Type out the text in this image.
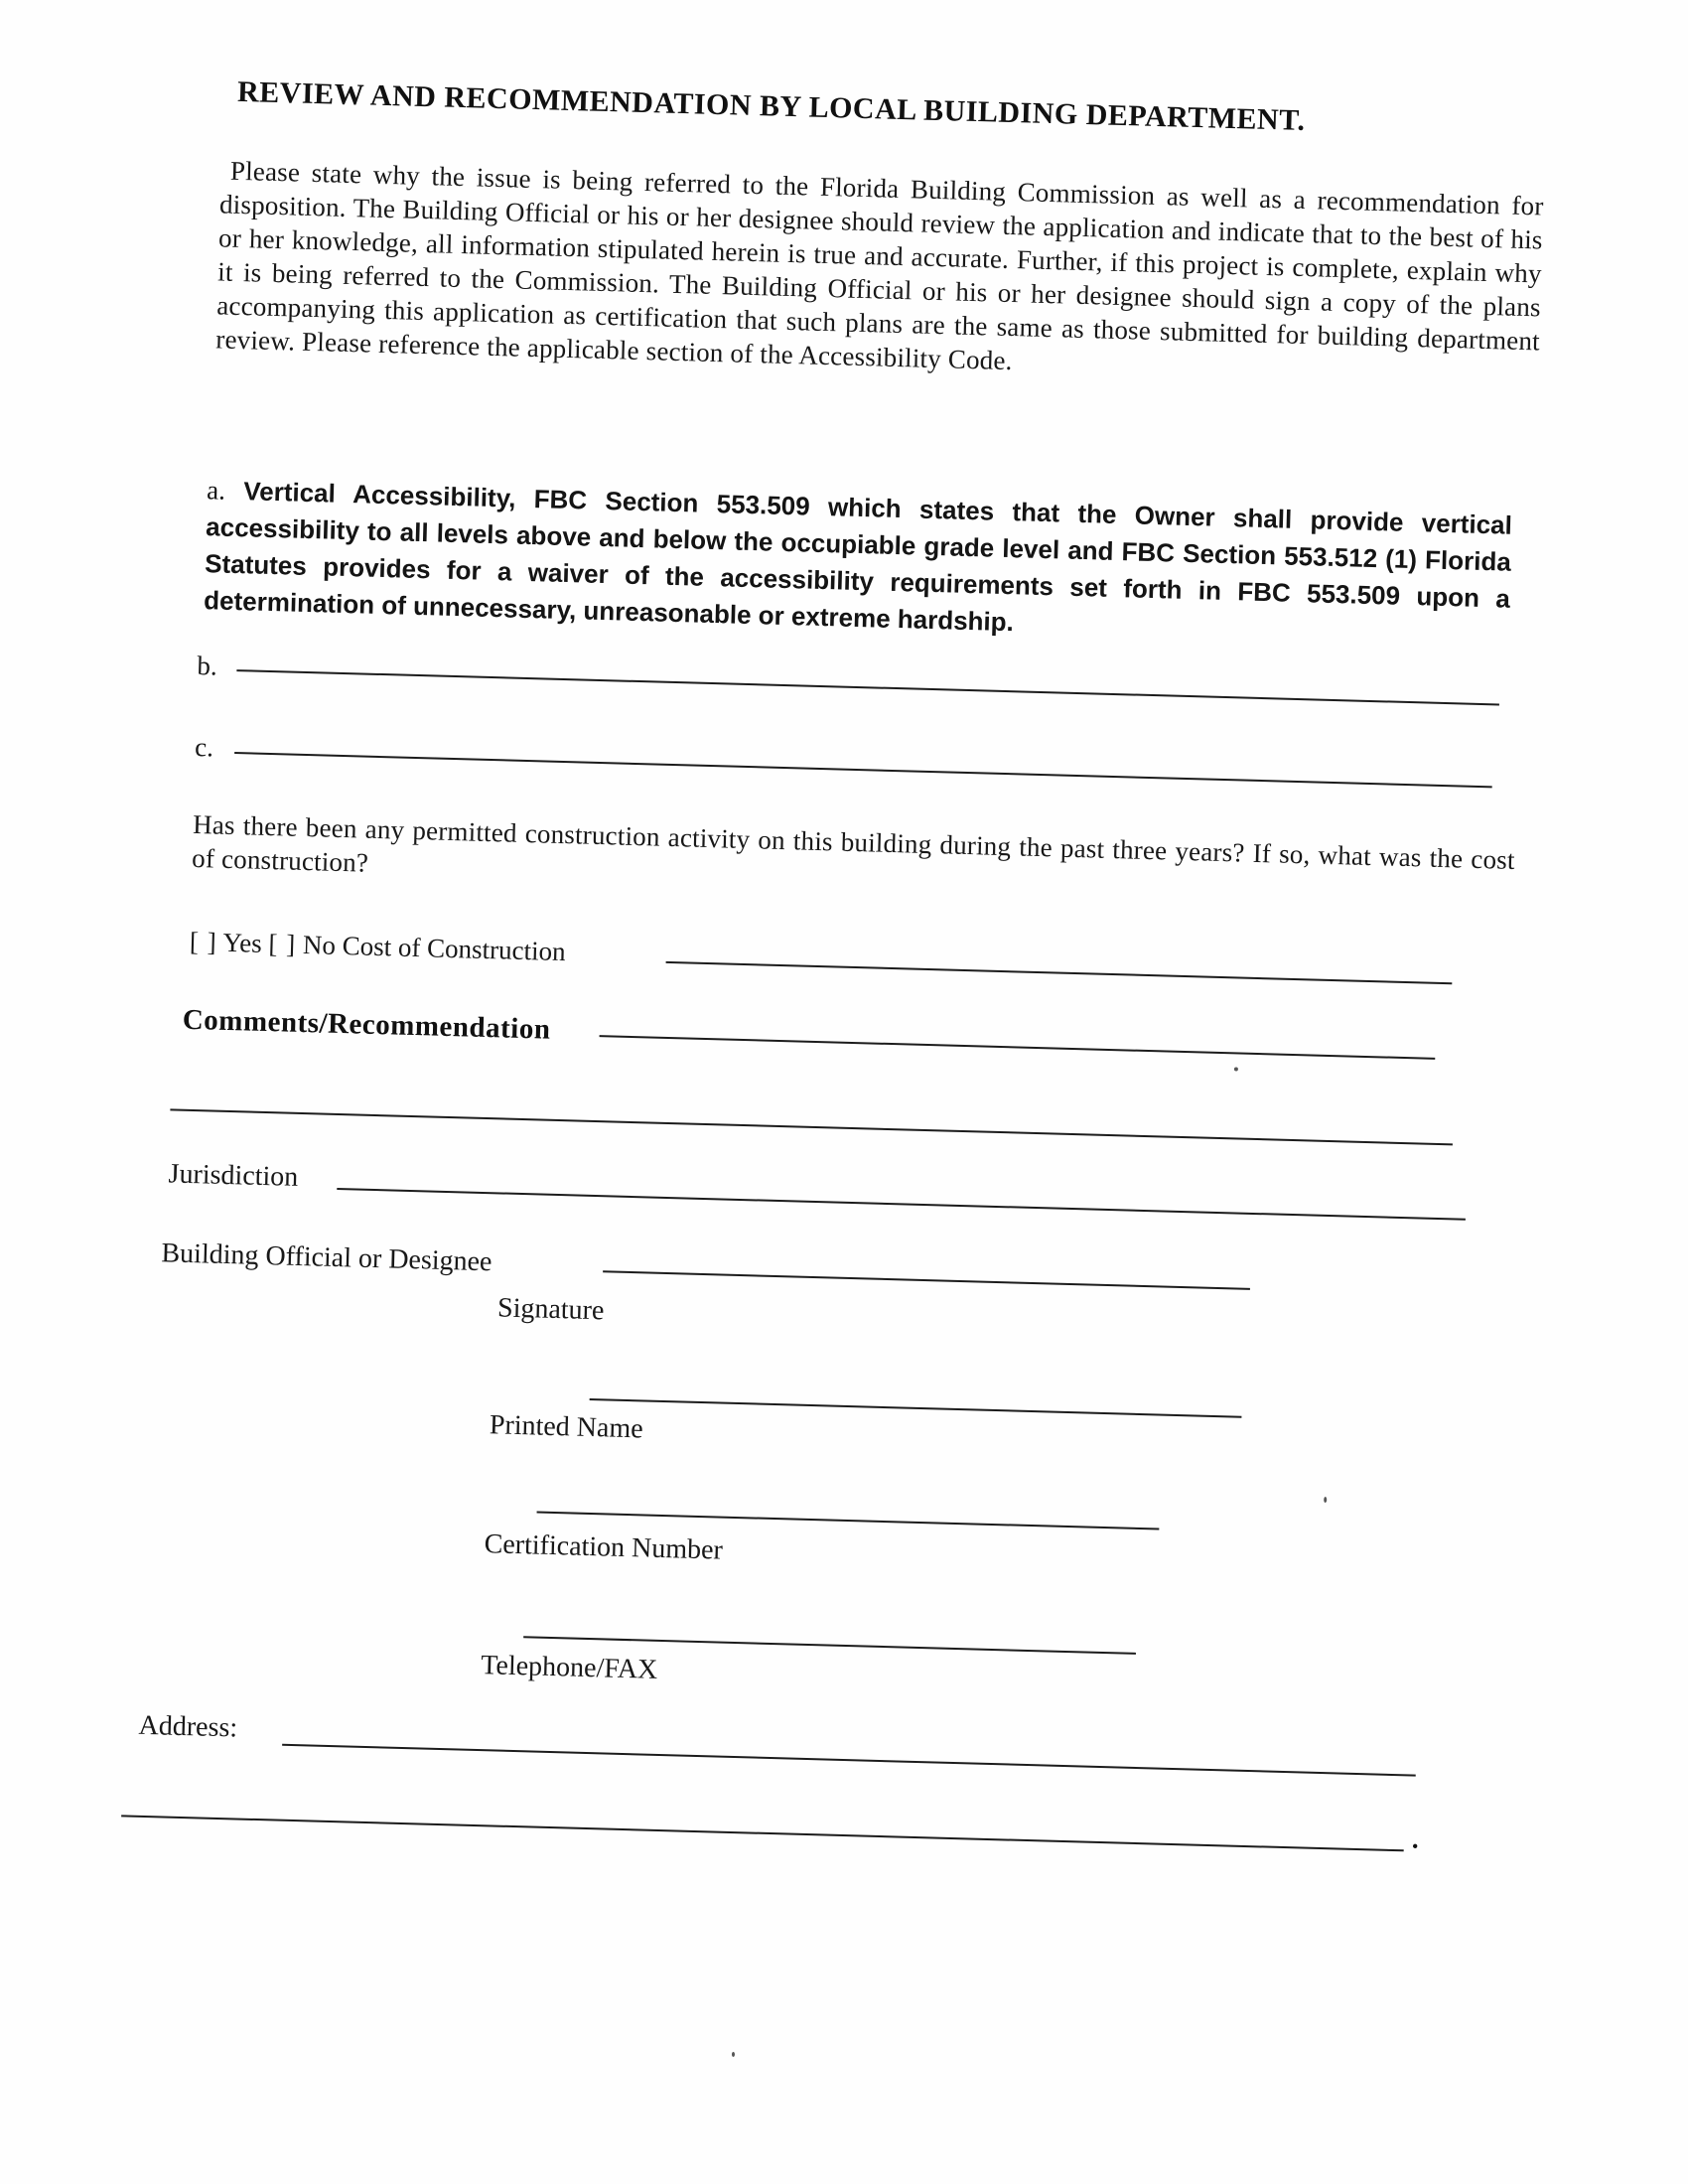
REVIEW AND RECOMMENDATION BY LOCAL BUILDING DEPARTMENT.
Please state why the issue is being referred to the Florida Building Commission as well as a recommendation for disposition. The Building Official or his or her designee should review the application and indicate that to the best of his or her knowledge, all information stipulated herein is true and accurate. Further, if this project is complete, explain why it is being referred to the Commission. The Building Official or his or her designee should sign a copy of the plans accompanying this application as certification that such plans are the same as those submitted for building department review. Please reference the applicable section of the Accessibility Code.
a. Vertical Accessibility, FBC Section 553.509 which states that the Owner shall provide vertical accessibility to all levels above and below the occupiable grade level and FBC Section 553.512 (1) Florida Statutes provides for a waiver of the accessibility requirements set forth in FBC 553.509 upon a determination of unnecessary, unreasonable or extreme hardship.
b.
c.
Has there been any permitted construction activity on this building during the past three years? If so, what was the cost of construction?
[ ] Yes [ ] No Cost of Construction
Comments/Recommendation
Jurisdiction
Building Official or Designee
Signature
Printed Name
Certification Number
Telephone/FAX
Address:
.
